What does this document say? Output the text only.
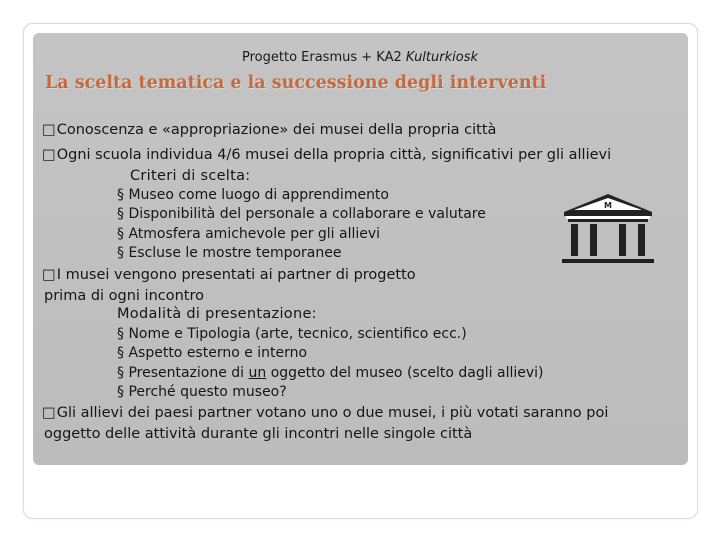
Progetto Erasmus + KA2 Kulturkiosk
La scelta tematica e la successione degli interventi
□Conoscenza e «appropriazione» dei musei della propria città
□Ogni scuola individua 4/6 musei della propria città, significativi per gli allievi
Criteri di scelta:
§ Museo come luogo di apprendimento
§ Disponibilità del personale a collaborare e valutare
§ Atmosfera amichevole per gli allievi
§ Escluse le mostre temporanee
M
□I musei vengono presentati ai partner di progetto
prima di ogni incontro
Modalità di presentazione:
§ Nome e Tipologia (arte, tecnico, scientifico ecc.)
§ Aspetto esterno e interno
§ Presentazione di un oggetto del museo (scelto dagli allievi)
§ Perché questo museo?
□Gli allievi dei paesi partner votano uno o due musei, i più votati saranno poi
oggetto delle attività durante gli incontri nelle singole città
